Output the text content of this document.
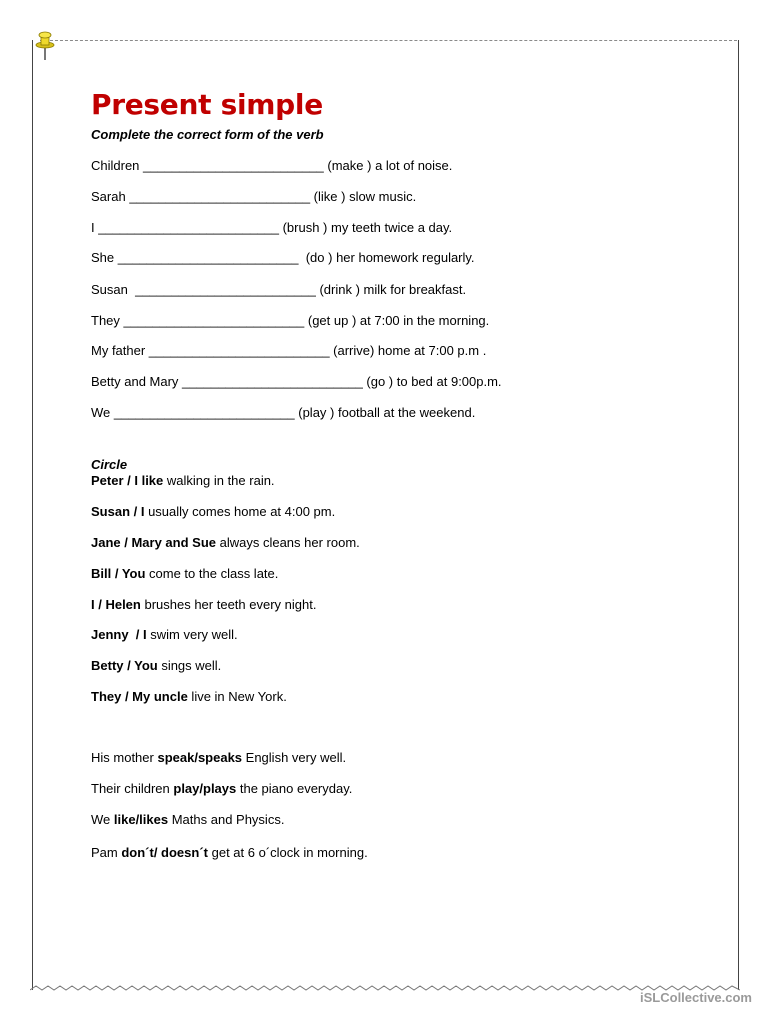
Present simple
Complete the correct form of the verb
Children _________________________ (make ) a lot of noise.
Sarah _________________________ (like ) slow music.
I _________________________ (brush ) my teeth twice a day.
She _________________________  (do ) her homework regularly.
Susan  _________________________ (drink ) milk for breakfast.
They _________________________ (get up ) at 7:00 in the morning.
My father _________________________ (arrive) home at 7:00 p.m .
Betty and Mary _________________________ (go ) to bed at 9:00p.m.
We _________________________ (play ) football at the weekend.
Circle
Peter / I like walking in the rain.
Susan / I usually comes home at 4:00 pm.
Jane / Mary and Sue always cleans her room.
Bill / You come to the class late.
I / Helen brushes her teeth every night.
Jenny  / I swim very well.
Betty / You sings well.
They / My uncle live in New York.
His mother speak/speaks English very well.
Their children play/plays the piano everyday.
We like/likes Maths and Physics.
Pam don´t/ doesn´t get at 6 o´clock in morning.
iSLCollective.com
